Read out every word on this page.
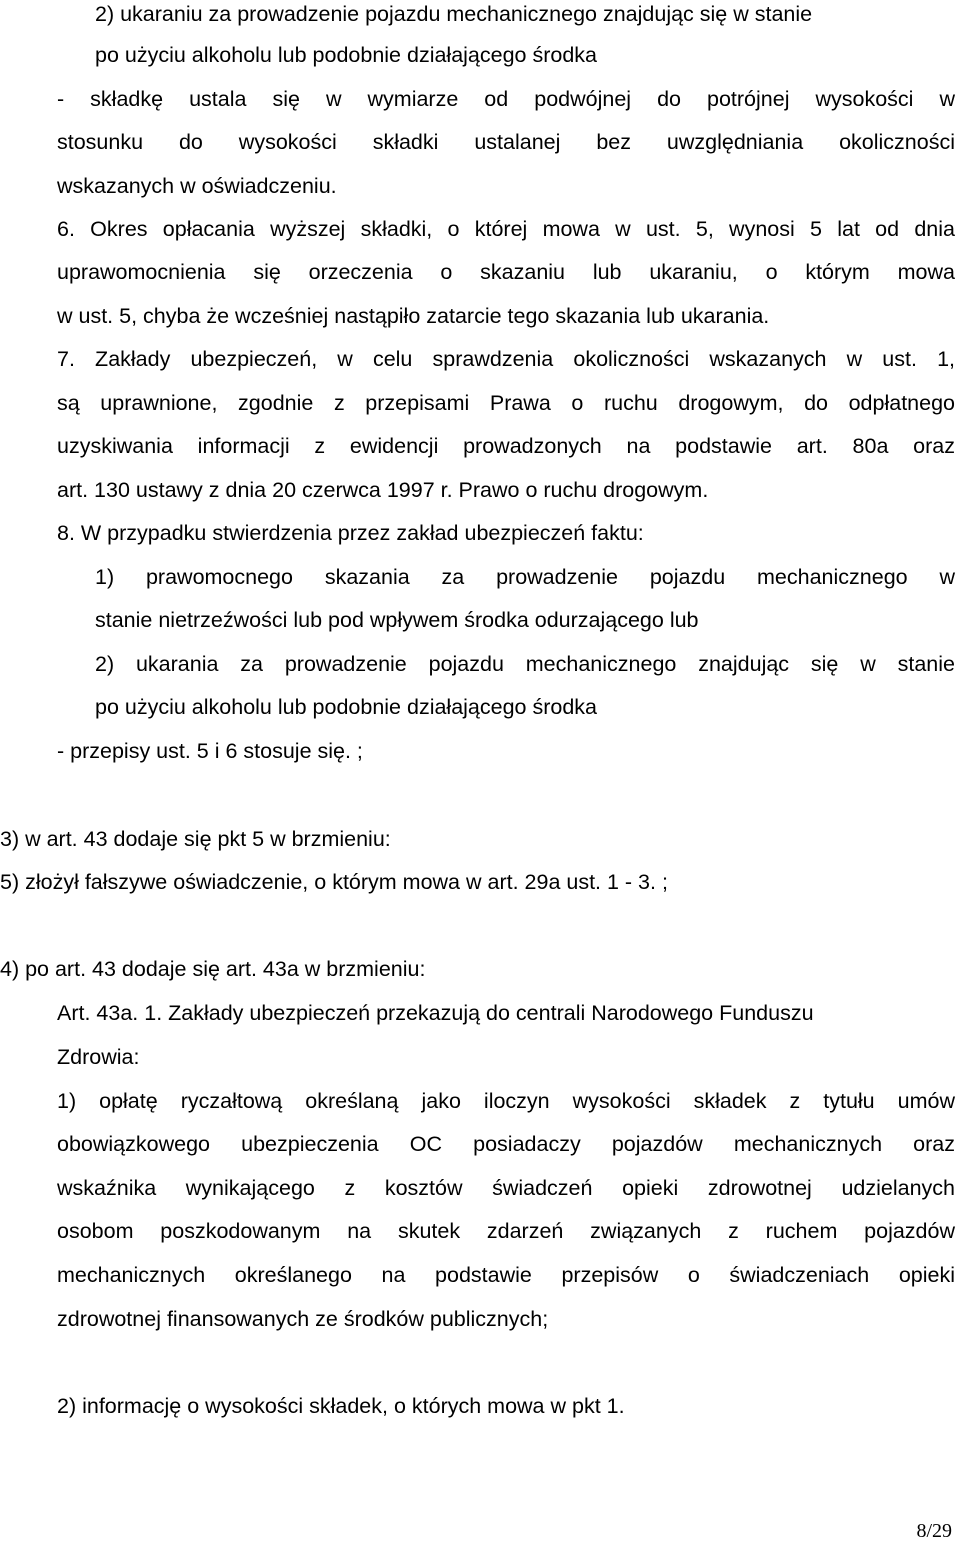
2) ukaraniu za prowadzenie pojazdu mechanicznego znajdując się w stanie

po użyciu alkoholu lub podobnie działającego środka

- składkę ustala się w wymiarze od podwójnej do potrójnej wysokości w

stosunku do wysokości składki ustalanej bez uwzględniania okoliczności

wskazanych w oświadczeniu.

6. Okres opłacania wyższej składki, o której mowa w ust. 5, wynosi 5 lat od dnia

uprawomocnienia się orzeczenia o skazaniu lub ukaraniu, o którym mowa

w ust. 5, chyba że wcześniej nastąpiło zatarcie tego skazania lub ukarania.

7. Zakłady ubezpieczeń, w celu sprawdzenia okoliczności wskazanych w ust. 1,

są uprawnione, zgodnie z przepisami Prawa o ruchu drogowym, do odpłatnego

uzyskiwania informacji z ewidencji prowadzonych na podstawie art. 80a oraz

art. 130 ustawy z dnia 20 czerwca 1997 r. Prawo o ruchu drogowym.

8. W przypadku stwierdzenia przez zakład ubezpieczeń faktu:

1) prawomocnego skazania za prowadzenie pojazdu mechanicznego w

stanie nietrzeźwości lub pod wpływem środka odurzającego lub

2) ukarania za prowadzenie pojazdu mechanicznego znajdując się w stanie

po użyciu alkoholu lub podobnie działającego środka

- przepisy ust. 5 i 6 stosuje się. ;

3) w art. 43 dodaje się pkt 5 w brzmieniu:

5) złożył fałszywe oświadczenie, o którym mowa w art. 29a ust. 1 - 3. ;

4) po art. 43 dodaje się art. 43a w brzmieniu:

Art. 43a. 1. Zakłady ubezpieczeń przekazują do centrali Narodowego Funduszu

Zdrowia:

1) opłatę ryczałtową określaną jako iloczyn wysokości składek z tytułu umów

obowiązkowego ubezpieczenia OC posiadaczy pojazdów mechanicznych oraz

wskaźnika wynikającego z kosztów świadczeń opieki zdrowotnej udzielanych

osobom poszkodowanym na skutek zdarzeń związanych z ruchem pojazdów

mechanicznych określanego na podstawie przepisów o świadczeniach opieki

zdrowotnej finansowanych ze środków publicznych;

2) informację o wysokości składek, o których mowa w pkt 1.

8/29
